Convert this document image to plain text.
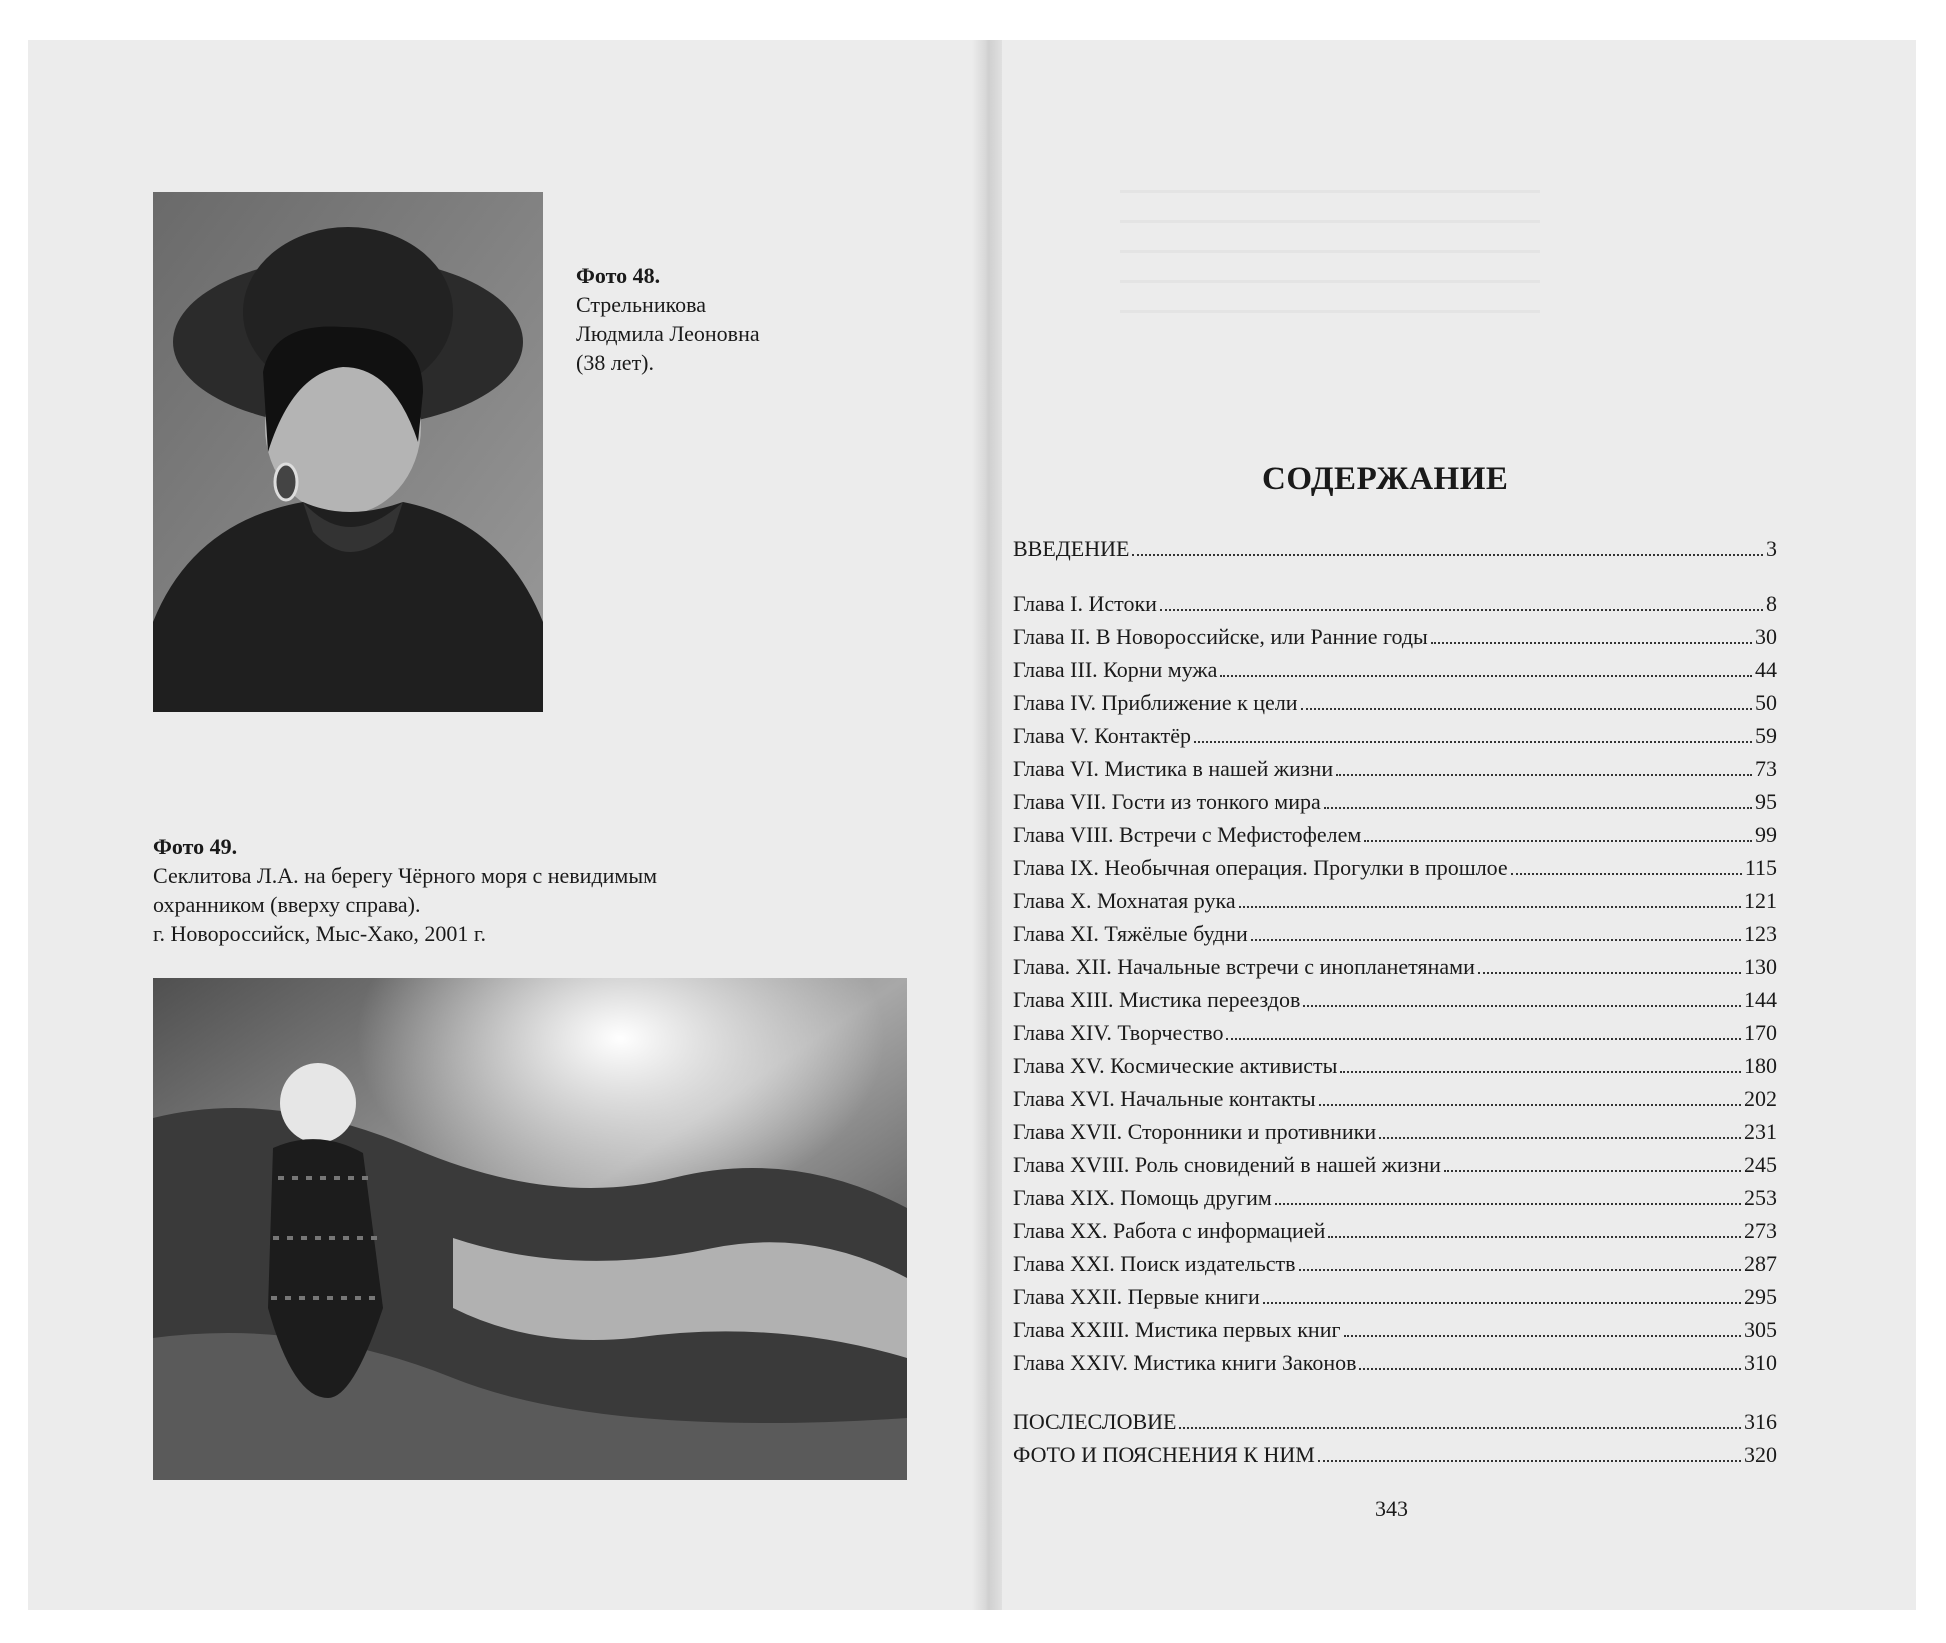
Фото 48.
Стрельникова
Людмила Леоновна
(38 лет).
Фото 49.
Секлитова Л.А. на берегу Чёрного моря с невидимым
охранником (вверху справа).
г. Новороссийск, Мыс-Хако, 2001 г.
СОДЕРЖАНИЕ
ВВЕДЕНИЕ	3
Глава I. Истоки	8
Глава II. В Новороссийске, или Ранние годы	30
Глава III. Корни мужа	44
Глава IV. Приближение к цели	50
Глава V. Контактёр	59
Глава VI. Мистика в нашей жизни	73
Глава VII. Гости из тонкого мира	95
Глава VIII. Встречи с Мефистофелем	99
Глава IX. Необычная операция. Прогулки в прошлое	115
Глава X. Мохнатая рука	121
Глава XI. Тяжёлые будни	123
Глава. XII. Начальные встречи с инопланетянами	130
Глава XIII. Мистика переездов	144
Глава XIV. Творчество	170
Глава XV. Космические активисты	180
Глава XVI. Начальные контакты	202
Глава XVII. Сторонники и противники	231
Глава XVIII. Роль сновидений в нашей жизни	245
Глава XIX. Помощь другим	253
Глава XX. Работа с информацией	273
Глава XXI. Поиск издательств	287
Глава XXII. Первые книги	295
Глава XXIII. Мистика первых книг	305
Глава XXIV. Мистика книги Законов	310
ПОСЛЕСЛОВИЕ	316
ФОТО И ПОЯСНЕНИЯ К НИМ	320
343
